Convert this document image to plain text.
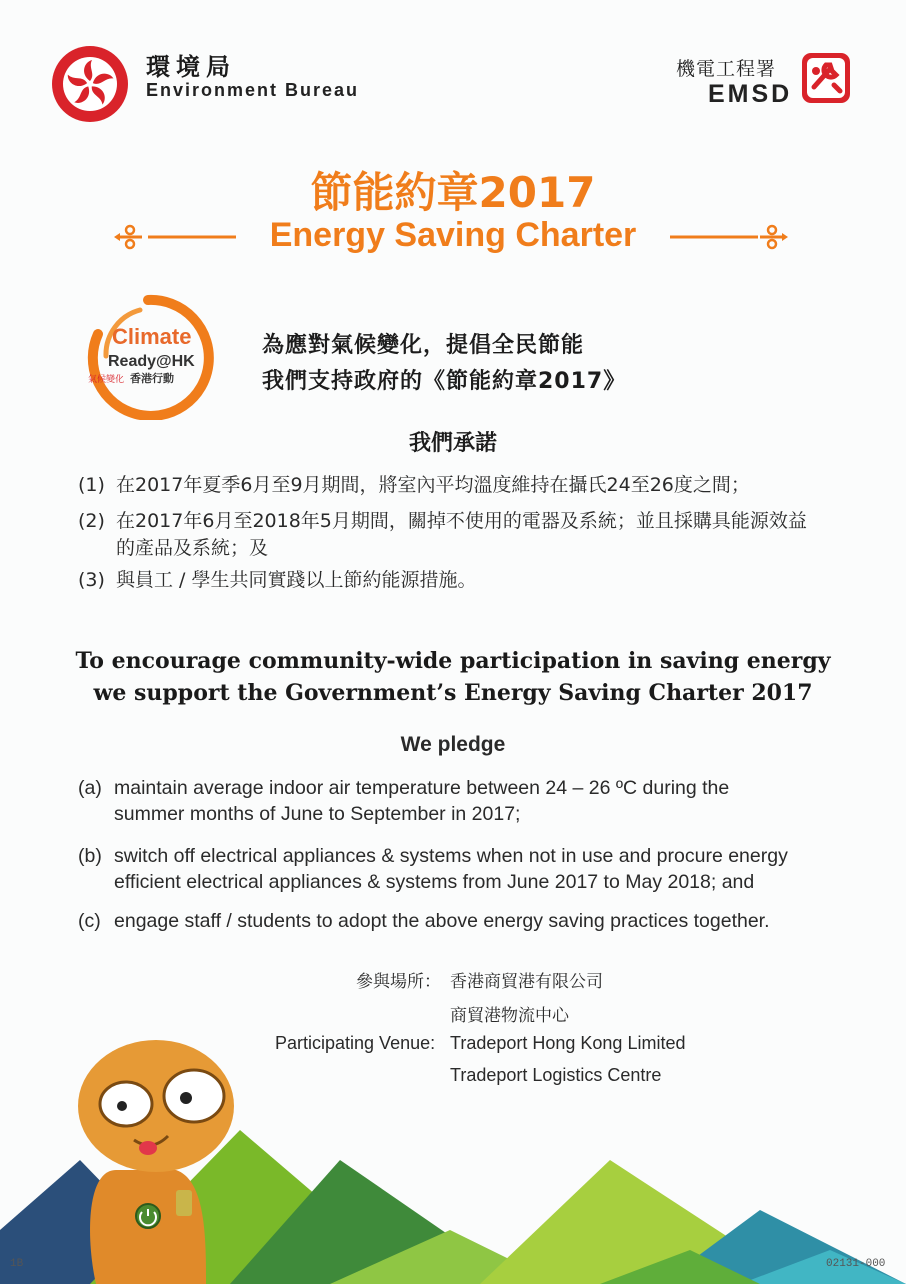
環境局
Environment Bureau
機電工程署
EMSD
節能約章2017
Energy Saving Charter
Climate
Ready@HK
氣候變化 香港行動
為應對氣候變化，提倡全民節能
我們支持政府的《節能約章2017》
我們承諾
(1) 在2017年夏季6月至9月期間，將室內平均溫度維持在攝氏24至26度之間；
(2) 在2017年6月至2018年5月期間，關掉不使用的電器及系統；並且採購具能源效益的產品及系統；及
(3) 與員工 / 學生共同實踐以上節約能源措施。
To encourage community-wide participation in saving energy
we support the Government’s Energy Saving Charter 2017
We pledge
(a) maintain average indoor air temperature between 24 – 26 ºC during the summer months of June to September in 2017;
(b) switch off electrical appliances & systems when not in use and procure energy efficient electrical appliances & systems from June 2017 to May 2018; and
(c) engage staff / students to adopt the above energy saving practices together.
參與場所： 香港商貿港有限公司
商貿港物流中心
Participating Venue: Tradeport Hong Kong Limited
Tradeport Logistics Centre
1B	02131-000
